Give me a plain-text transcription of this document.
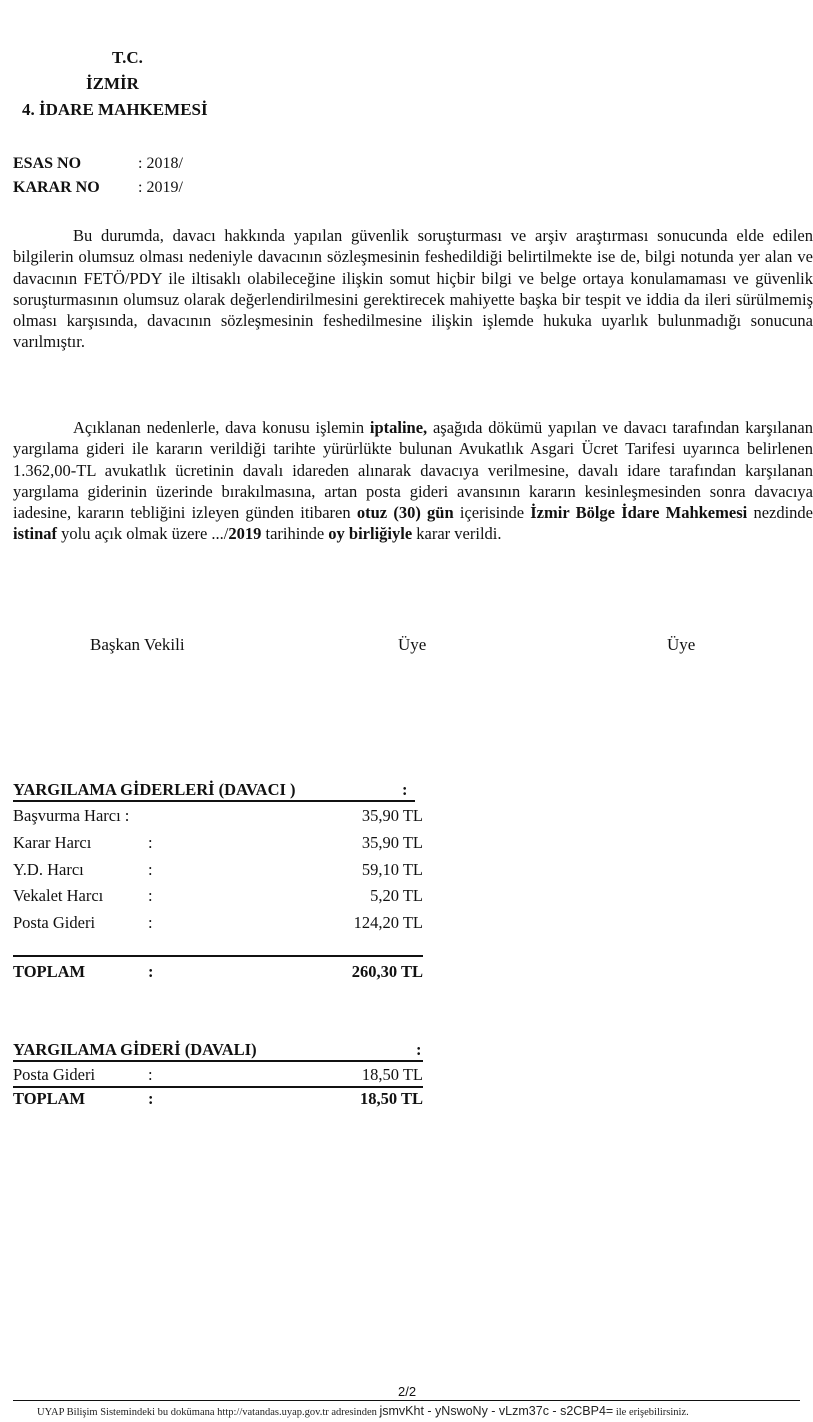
T.C.
İZMİR
4. İDARE MAHKEMESİ
ESAS NO	: 2018/
KARAR NO : 2019/
Bu durumda, davacı hakkında yapılan güvenlik soruşturması ve arşiv araştırması sonucunda elde edilen bilgilerin olumsuz olması nedeniyle davacının sözleşmesinin feshedildiği belirtilmekte ise de, bilgi notunda yer alan ve davacının FETÖ/PDY ile iltisaklı olabileceğine ilişkin somut hiçbir bilgi ve belge ortaya konulamaması ve güvenlik soruşturmasının olumsuz olarak değerlendirilmesini gerektirecek mahiyette başka bir tespit ve iddia da ileri sürülmemiş olması karşısında, davacının sözleşmesinin feshedilmesine ilişkin işlemde hukuka uyarlık bulunmadığı sonucuna varılmıştır.
Açıklanan nedenlerle, dava konusu işlemin iptaline, aşağıda dökümü yapılan ve davacı tarafından karşılanan yargılama gideri ile kararın verildiği tarihte yürürlükte bulunan Avukatlık Asgari Ücret Tarifesi uyarınca belirlenen 1.362,00-TL avukatlık ücretinin davalı idareden alınarak davacıya verilmesine, davalı idare tarafından karşılanan yargılama giderinin üzerinde bırakılmasına, artan posta gideri avansının kararın kesinleşmesinden sonra davacıya iadesine, kararın tebliğini izleyen günden itibaren otuz (30) gün içerisinde İzmir Bölge İdare Mahkemesi nezdinde istinaf yolu açık olmak üzere .../2019 tarihinde oy birliğiyle karar verildi.
Başkan Vekili	Üye	Üye
YARGILAMA GİDERLERİ (DAVACI )	:
Başvurma Harcı :	35,90 TL
Karar Harcı	:	35,90 TL
Y.D. Harcı	:	59,10 TL
Vekalet Harcı	:	5,20 TL
Posta Gideri	:	124,20 TL
TOPLAM	:	260,30 TL
YARGILAMA GİDERİ (DAVALI)	:
Posta Gideri	:	18,50 TL
TOPLAM	:	18,50 TL
2/2
UYAP Bilişim Sistemindeki bu dokümana http://vatandas.uyap.gov.tr adresinden jsmvKht - yNswoNy - vLzm37c - s2CBP4= ile erişebilirsiniz.
